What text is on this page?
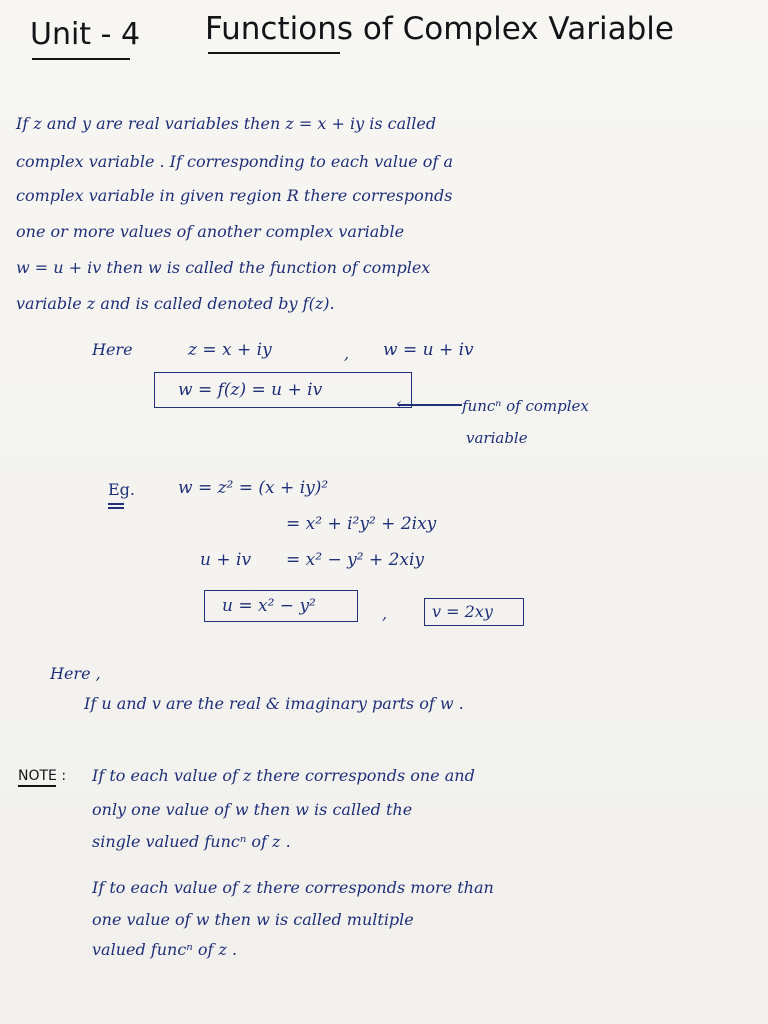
Unit - 4 Functions of Complex Variable
If z and y are real variables then z = x + iy is called
complex variable . If corresponding to each value of a
complex variable in given region R there corresponds
one or more values of another complex variable
w = u + iv then w is called the function of complex
variable z and is called denoted by f(z).
Here	z = x + iy	, w = u + iv
w = f(z) = u + iv
‹	funcⁿ of complex
variable
Eg.	w = z² = (x + iy)²
= x² + i²y² + 2ixy
u + iv = x² − y² + 2xiy
u = x² − y²	,	v = 2xy
Here ,
If u and v are the real & imaginary parts of w .
NOTE : If to each value of z there corresponds one and
only one value of w then w is called the
single valued funcⁿ of z .
If to each value of z there corresponds more than
one value of w then w is called multiple
valued funcⁿ of z .
